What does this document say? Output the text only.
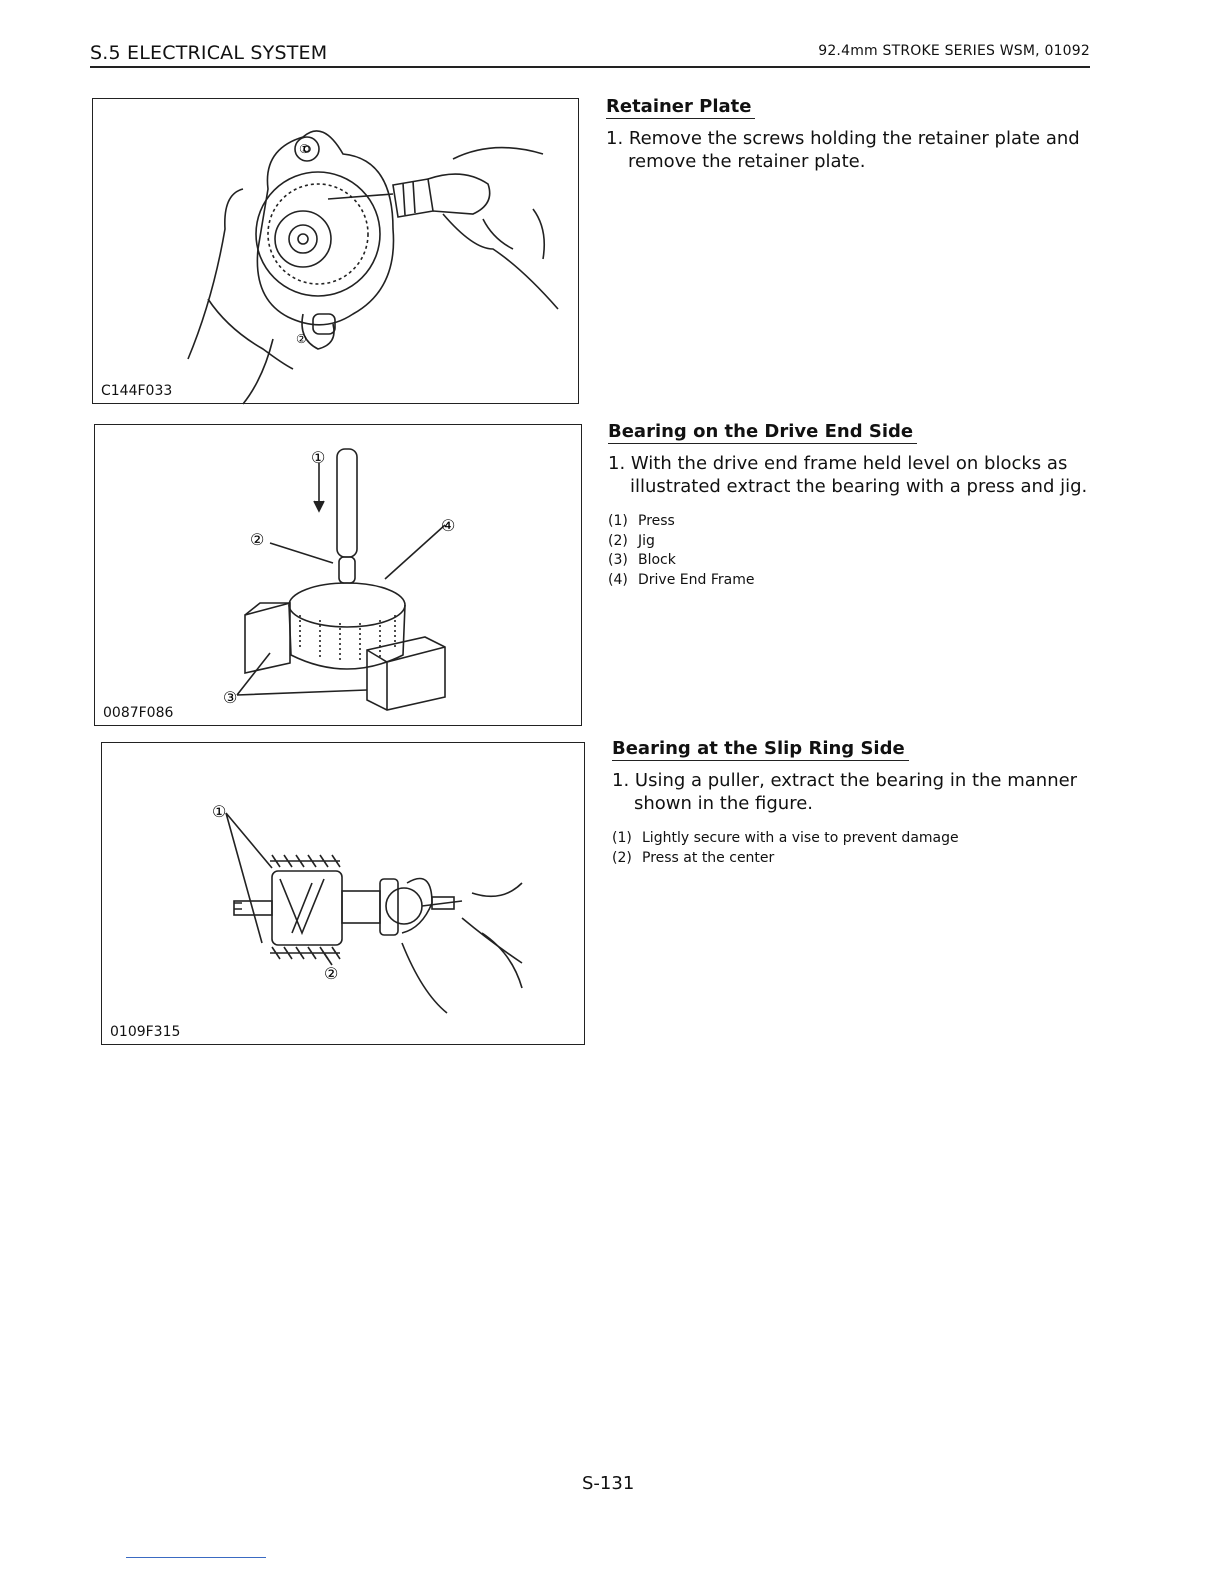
S.5 ELECTRICAL SYSTEM	92.4mm STROKE SERIES WSM, 01092
①
②
C144F033
①
②
③
④
0087F086
①
②
0109F315
Retainer Plate
1. Remove the screws holding the retainer plate and remove the retainer plate.
Bearing on the Drive End Side
1. With the drive end frame held level on blocks as illustrated extract the bearing with a press and jig.
(1) Press
(2) Jig
(3) Block
(4) Drive End Frame
Bearing at the Slip Ring Side
1. Using a puller, extract the bearing in the manner shown in the figure.
(1) Lightly secure with a vise to prevent damage
(2) Press at the center
S-131
